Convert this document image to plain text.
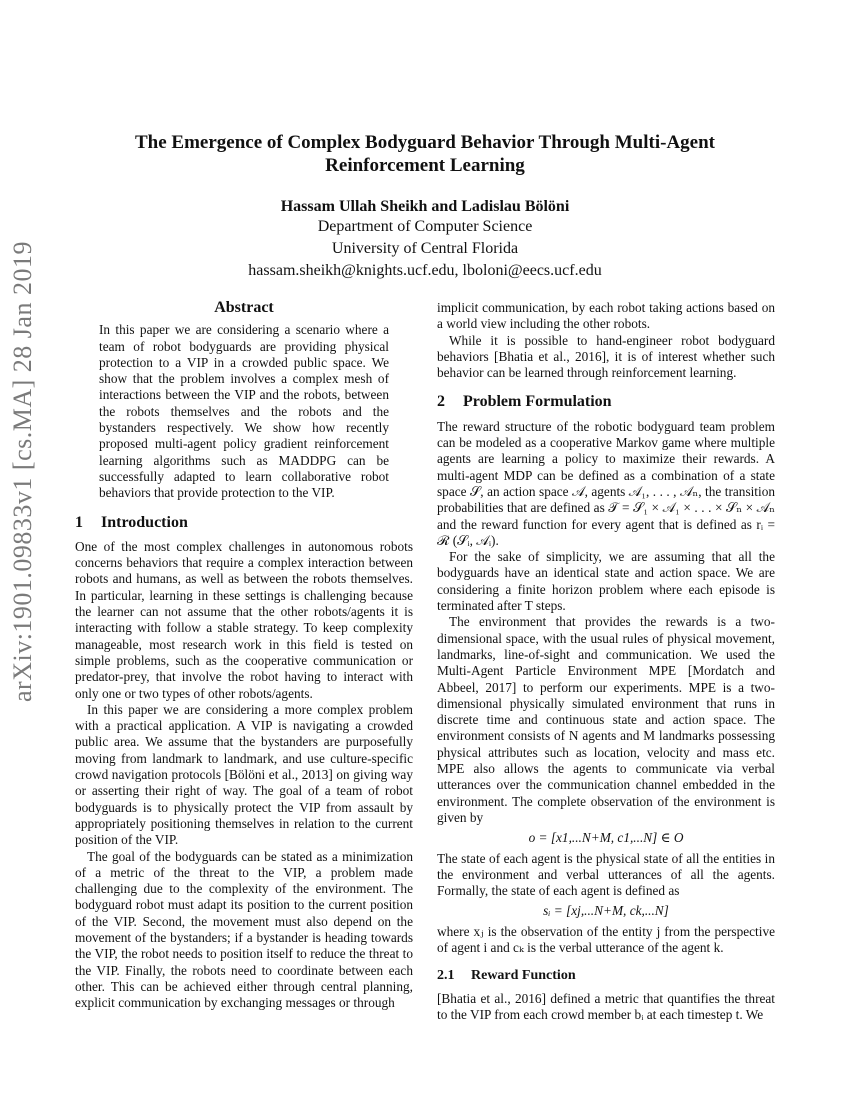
arXiv:1901.09833v1 [cs.MA] 28 Jan 2019
The Emergence of Complex Bodyguard Behavior Through Multi-Agent Reinforcement Learning
Hassam Ullah Sheikh and Ladislau Bölöni
Department of Computer Science
University of Central Florida
hassam.sheikh@knights.ucf.edu, lboloni@eecs.ucf.edu
Abstract

In this paper we are considering a scenario where a team of robot bodyguards are providing physical protection to a VIP in a crowded public space. We show that the problem involves a complex mesh of interactions between the VIP and the robots, between the robots themselves and the robots and the bystanders respectively. We show how recently proposed multi-agent policy gradient reinforcement learning algorithms such as MADDPG can be successfully adapted to learn collaborative robot behaviors that provide protection to the VIP.

1 Introduction

One of the most complex challenges in autonomous robots concerns behaviors that require a complex interaction between robots and humans, as well as between the robots themselves. In particular, learning in these settings is challenging because the learner can not assume that the other robots/agents it is interacting with follow a stable strategy. To keep complexity manageable, most research work in this field is tested on simple problems, such as the cooperative communication or predator-prey, that involve the robot having to interact with only one or two types of other robots/agents.

In this paper we are considering a more complex problem with a practical application. A VIP is navigating a crowded public area. We assume that the bystanders are purposefully moving from landmark to landmark, and use culture-specific crowd navigation protocols [Bölöni et al., 2013] on giving way or asserting their right of way. The goal of a team of robot bodyguards is to physically protect the VIP from assault by appropriately positioning themselves in relation to the current position of the VIP.

The goal of the bodyguards can be stated as a minimization of a metric of the threat to the VIP, a problem made challenging due to the complexity of the environment. The bodyguard robot must adapt its position to the current position of the VIP. Second, the movement must also depend on the movement of the bystanders; if a bystander is heading towards the VIP, the robot needs to position itself to reduce the threat to the VIP. Finally, the robots need to coordinate between each other. This can be achieved either through central planning, explicit communication by exchanging messages or through

implicit communication, by each robot taking actions based on a world view including the other robots.

While it is possible to hand-engineer robot bodyguard behaviors [Bhatia et al., 2016], it is of interest whether such behavior can be learned through reinforcement learning.

2 Problem Formulation

The reward structure of the robotic bodyguard team problem can be modeled as a cooperative Markov game where multiple agents are learning a policy to maximize their rewards. A multi-agent MDP can be defined as a combination of a state space 𝒮, an action space 𝒜, agents 𝒜₁, . . . , 𝒜ₙ, the transition probabilities that are defined as 𝒯 = 𝒮₁ × 𝒜₁ × . . . × 𝒮ₙ × 𝒜ₙ and the reward function for every agent that is defined as rᵢ = ℛ (𝒮ᵢ, 𝒜ᵢ).

For the sake of simplicity, we are assuming that all the bodyguards have an identical state and action space. We are considering a finite horizon problem where each episode is terminated after T steps.

The environment that provides the rewards is a two-dimensional space, with the usual rules of physical movement, landmarks, line-of-sight and communication. We used the Multi-Agent Particle Environment MPE [Mordatch and Abbeel, 2017] to perform our experiments. MPE is a two-dimensional physically simulated environment that runs in discrete time and continuous state and action space. The environment consists of N agents and M landmarks possessing physical attributes such as location, velocity and mass etc. MPE also allows the agents to communicate via verbal utterances over the communication channel embedded in the environment. The complete observation of the environment is given by

o = [x1,...N+M, c1,...N] ∈ O

The state of each agent is the physical state of all the entities in the environment and verbal utterances of all the agents. Formally, the state of each agent is defined as

sᵢ = [xj,...N+M, ck,...N]

where xⱼ is the observation of the entity j from the perspective of agent i and cₖ is the verbal utterance of the agent k.

2.1 Reward Function

[Bhatia et al., 2016] defined a metric that quantifies the threat to the VIP from each crowd member bᵢ at each timestep t. We
